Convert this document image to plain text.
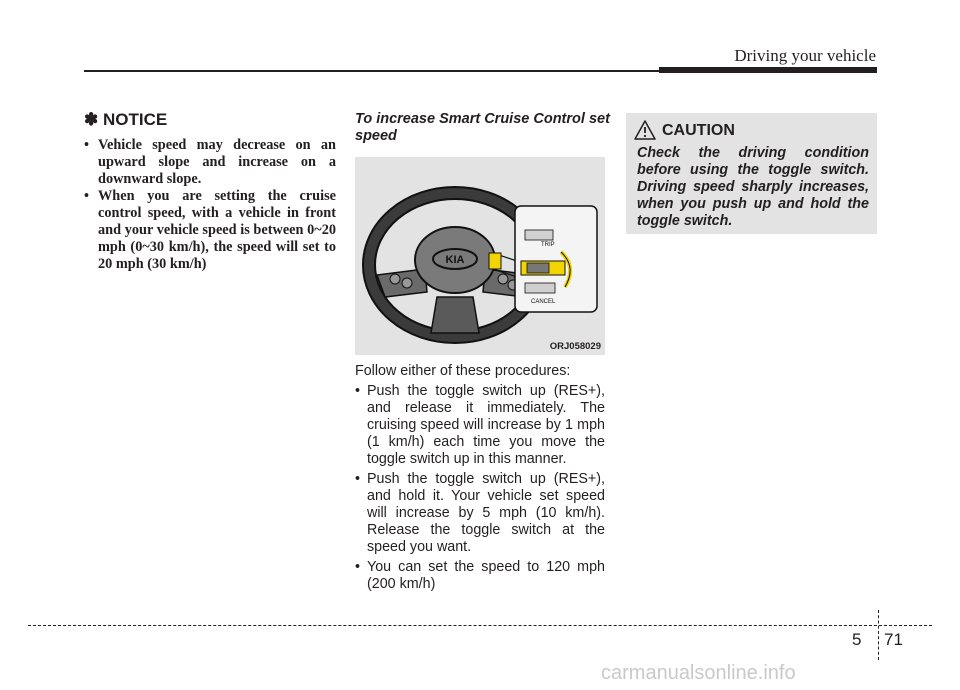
Driving your vehicle
✽ NOTICE
• Vehicle speed may decrease on an upward slope and increase on a downward slope.
• When you are setting the cruise control speed, with a vehicle in front and your vehicle speed is between 0~20 mph (0~30 km/h), the speed will set to 20 mph (30 km/h)
To increase Smart Cruise Control set speed
KIA
TRIP
CANCEL
ORJ058029
Follow either of these procedures:
• Push the toggle switch up (RES+), and release it immediately. The cruising speed will increase by 1 mph (1 km/h) each time you move the toggle switch up in this manner.
• Push the toggle switch up (RES+), and hold it. Your vehicle set speed will increase by 5 mph (10 km/h). Release the toggle switch at the speed you want.
• You can set the speed to 120 mph (200 km/h)
CAUTION

Check the driving condition before using the toggle switch. Driving speed sharply increases, when you push up and hold the toggle switch.

5 71
carmanualsonline.info
